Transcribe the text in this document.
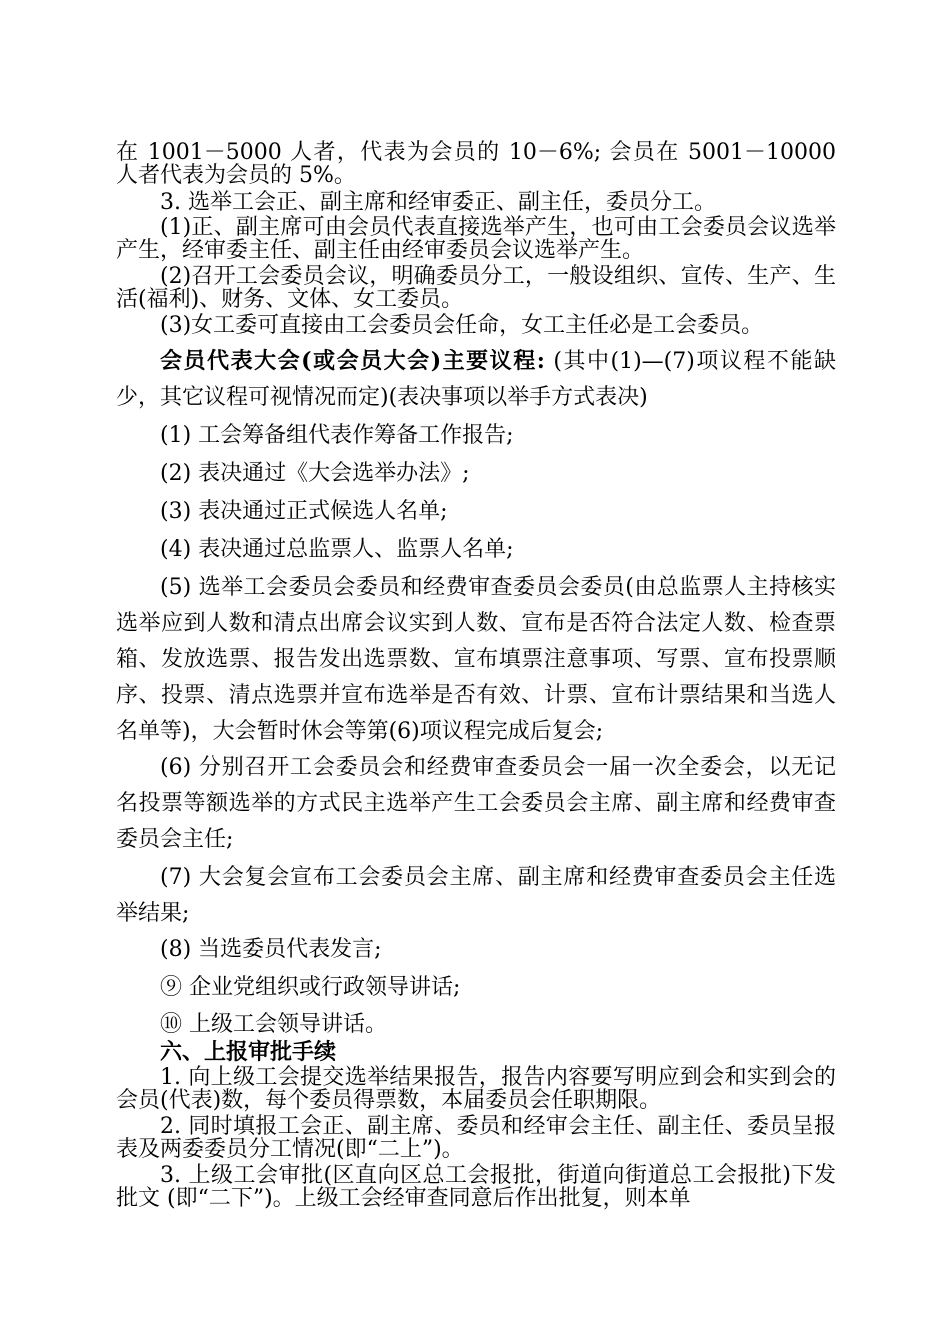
在 1001－5000 人者，代表为会员的 10－6%; 会员在 5001－10000 人者代表为会员的 5%。

3. 选举工会正、副主席和经审委正、副主任，委员分工。

(1)正、副主席可由会员代表直接选举产生，也可由工会委员会议选举产生，经审委主任、副主任由经审委员会议选举产生。

(2)召开工会委员会议，明确委员分工，一般设组织、宣传、生产、生活(福利)、财务、文体、女工委员。

(3)女工委可直接由工会委员会任命，女工主任必是工会委员。

会员代表大会(或会员大会)主要议程: (其中(1)—(7)项议程不能缺少，其它议程可视情况而定)(表决事项以举手方式表决)

(1) 工会筹备组代表作筹备工作报告;

(2) 表决通过《大会选举办法》;

(3) 表决通过正式候选人名单;

(4) 表决通过总监票人、监票人名单;

(5) 选举工会委员会委员和经费审查委员会委员(由总监票人主持核实选举应到人数和清点出席会议实到人数、宣布是否符合法定人数、检查票箱、发放选票、报告发出选票数、宣布填票注意事项、写票、宣布投票顺序、投票、清点选票并宣布选举是否有效、计票、宣布计票结果和当选人名单等)，大会暂时休会等第(6)项议程完成后复会;

(6) 分别召开工会委员会和经费审查委员会一届一次全委会，以无记名投票等额选举的方式民主选举产生工会委员会主席、副主席和经费审查委员会主任;

(7) 大会复会宣布工会委员会主席、副主席和经费审查委员会主任选举结果;

(8) 当选委员代表发言;

⑨ 企业党组织或行政领导讲话;

⑩ 上级工会领导讲话。

六、上报审批手续

1. 向上级工会提交选举结果报告，报告内容要写明应到会和实到会的会员(代表)数，每个委员得票数，本届委员会任职期限。

2. 同时填报工会正、副主席、委员和经审会主任、副主任、委员呈报表及两委委员分工情况(即“二上”)。

3. 上级工会审批(区直向区总工会报批，街道向街道总工会报批)下发批文 (即“二下”)。上级工会经审查同意后作出批复，则本单
